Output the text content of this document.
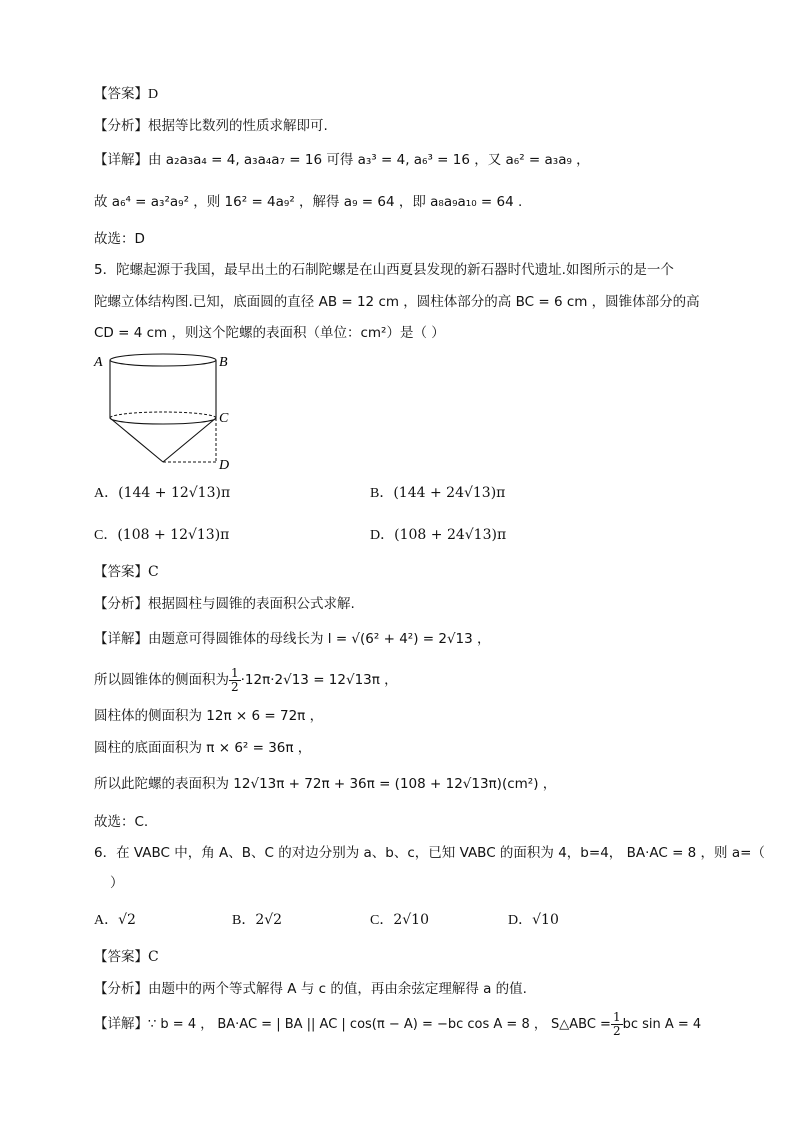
【答案】D
【分析】根据等比数列的性质求解即可.
【详解】由 a₂a₃a₄ = 4, a₃a₄a₇ = 16 可得 a₃³ = 4, a₆³ = 16 ，又 a₆² = a₃a₉ ，
故 a₆⁴ = a₃²a₉² ，则 16² = 4a₉² ，解得 a₉ = 64 ，即 a₈a₉a₁₀ = 64 .
故选：D
5．陀螺起源于我国，最早出土的石制陀螺是在山西夏县发现的新石器时代遗址.如图所示的是一个
陀螺立体结构图.已知，底面圆的直径 AB = 12 cm ，圆柱体部分的高 BC = 6 cm ，圆锥体部分的高
CD = 4 cm ，则这个陀螺的表面积（单位：cm²）是（ ）
A	B
C
D
A．(144 + 12√13)π	B．(144 + 24√13)π
C．(108 + 12√13)π	D．(108 + 24√13)π
【答案】C
【分析】根据圆柱与圆锥的表面积公式求解.
【详解】由题意可得圆锥体的母线长为 l = √(6² + 4²) = 2√13 ，
所以圆锥体的侧面积为 $\frac{1}{2} \cdot 12\pi\cdot 2√13 = 12√13\pi$ ，
圆柱体的侧面积为 12π × 6 = 72π ，
圆柱的底面面积为 π × 6² = 36π ，
所以此陀螺的表面积为 12√13π + 72π + 36π = (108 + 12√13π)(cm²) ，
故选：C.
6．在 VABC 中，角 A、B、C 的对边分别为 a、b、c，已知 VABC 的面积为 4，b=4， BA·AC = 8 ，则 a=（
）
A．√2	B．2√2	C．2√10	D．√10
【答案】C
【分析】由题中的两个等式解得 A 与 c 的值，再由余弦定理解得 a 的值.
【详解】∵ b = 4 ， BA·AC = | BA || AC | cos(π − A) = −bc cos A = 8 ， S△ABC = $\frac{1}{2}$ bc sin A = 4
